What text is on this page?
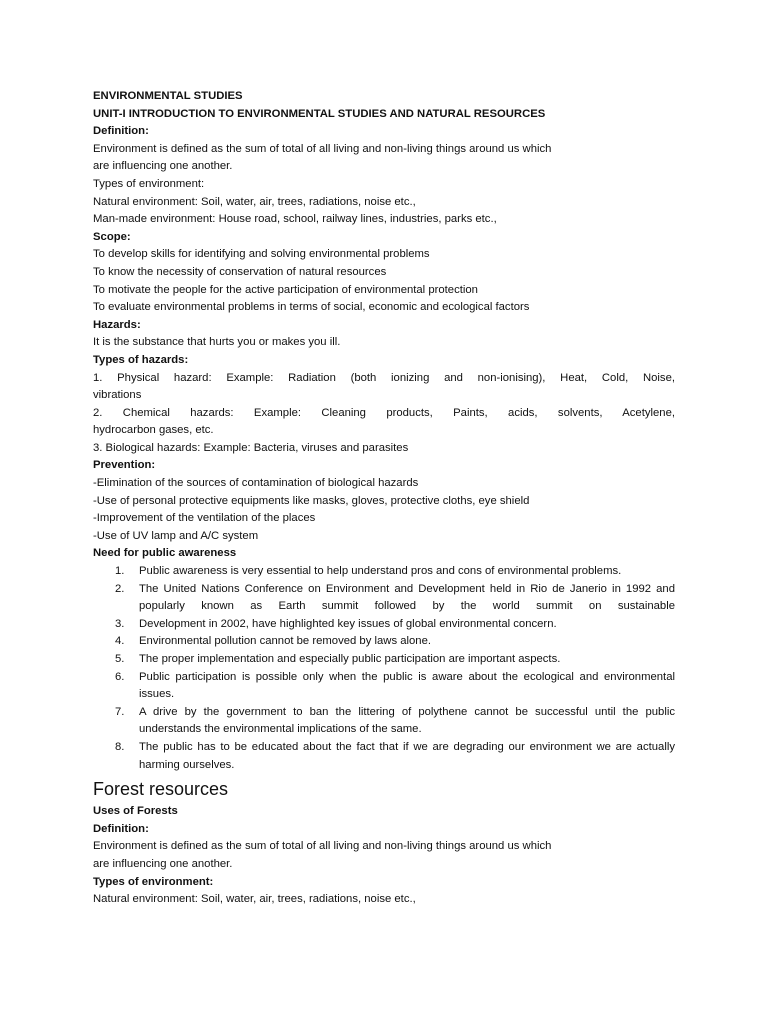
ENVIRONMENTAL STUDIES
UNIT-I INTRODUCTION TO ENVIRONMENTAL STUDIES AND NATURAL RESOURCES
Definition:
Environment is defined as the sum of total of all living and non-living things around us which
are influencing one another.
Types of environment:
Natural environment: Soil, water, air, trees, radiations, noise etc.,
Man-made environment: House road, school, railway lines, industries, parks etc.,
Scope:
To develop skills for identifying and solving environmental problems
To know the necessity of conservation of natural resources
To motivate the people for the active participation of environmental protection
To evaluate environmental problems in terms of social, economic and ecological factors
Hazards:
It is the substance that hurts you or makes you ill.
Types of hazards:
1. Physical hazard: Example: Radiation (both ionizing and non-ionising), Heat, Cold, Noise,
vibrations
2. Chemical hazards: Example: Cleaning products, Paints, acids, solvents, Acetylene,
hydrocarbon gases, etc.
3. Biological hazards: Example: Bacteria, viruses and parasites
Prevention:
-Elimination of the sources of contamination of biological hazards
-Use of personal protective equipments like masks, gloves, protective cloths, eye shield
-Improvement of the ventilation of the places
-Use of UV lamp and A/C system
Need for public awareness
1. Public awareness is very essential to help understand pros and cons of environmental problems.
2. The United Nations Conference on Environment and Development held in Rio de Janerio in 1992 and popularly known as Earth summit followed by the world summit on sustainable
3. Development in 2002, have highlighted key issues of global environmental concern.
4. Environmental pollution cannot be removed by laws alone.
5. The proper implementation and especially public participation are important aspects.
6. Public participation is possible only when the public is aware about the ecological and environmental issues.
7. A drive by the government to ban the littering of polythene cannot be successful until the public understands the environmental implications of the same.
8. The public has to be educated about the fact that if we are degrading our environment we are actually harming ourselves.
Forest resources
Uses of Forests
Definition:
Environment is defined as the sum of total of all living and non-living things around us which
are influencing one another.
Types of environment:
Natural environment: Soil, water, air, trees, radiations, noise etc.,
